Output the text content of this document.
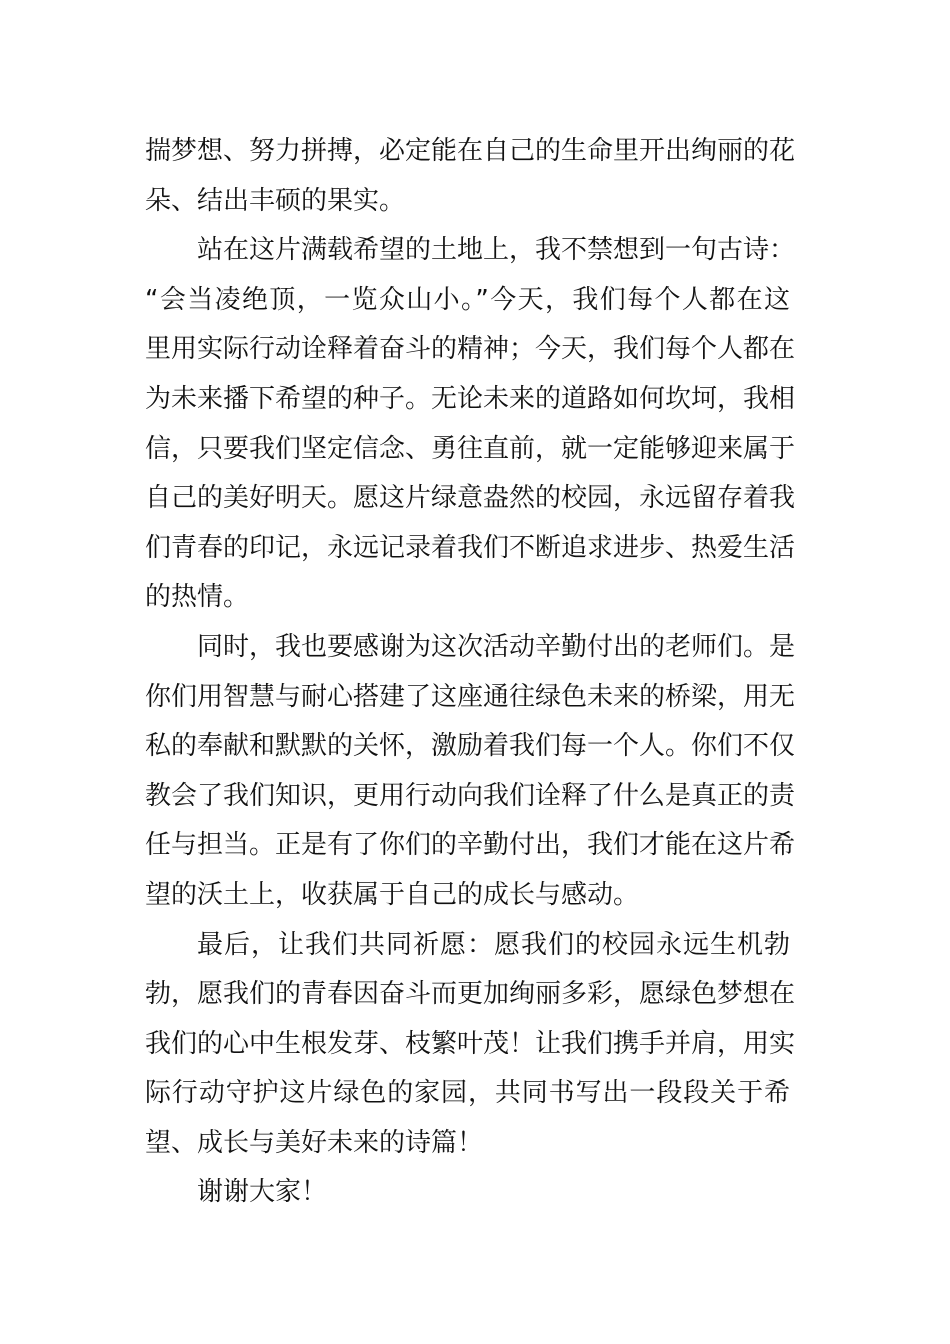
揣梦想、努力拼搏，必定能在自己的生命里开出绚丽的花
朵、结出丰硕的果实。
站在这片满载希望的土地上，我不禁想到一句古诗：
“会当凌绝顶，一览众山小。”今天，我们每个人都在这
里用实际行动诠释着奋斗的精神；今天，我们每个人都在
为未来播下希望的种子。无论未来的道路如何坎坷，我相
信，只要我们坚定信念、勇往直前，就一定能够迎来属于
自己的美好明天。愿这片绿意盎然的校园，永远留存着我
们青春的印记，永远记录着我们不断追求进步、热爱生活
的热情。
同时，我也要感谢为这次活动辛勤付出的老师们。是
你们用智慧与耐心搭建了这座通往绿色未来的桥梁，用无
私的奉献和默默的关怀，激励着我们每一个人。你们不仅
教会了我们知识，更用行动向我们诠释了什么是真正的责
任与担当。正是有了你们的辛勤付出，我们才能在这片希
望的沃土上，收获属于自己的成长与感动。
最后，让我们共同祈愿：愿我们的校园永远生机勃
勃，愿我们的青春因奋斗而更加绚丽多彩，愿绿色梦想在
我们的心中生根发芽、枝繁叶茂！让我们携手并肩，用实
际行动守护这片绿色的家园，共同书写出一段段关于希
望、成长与美好未来的诗篇！
谢谢大家！
